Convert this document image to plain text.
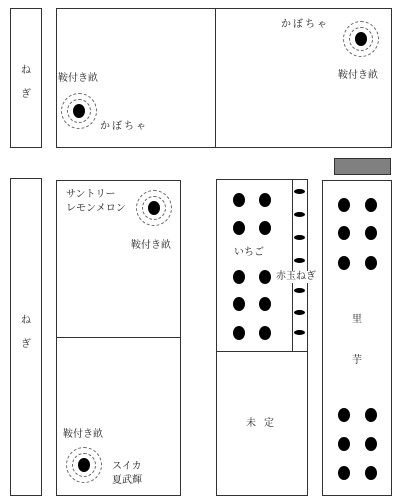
ね
ぎ
鞍付き畝
かぼちゃ
かぼちゃ
鞍付き畝
ね
ぎ
サントリー
レモンメロン
鞍付き畝
鞍付き畝
スイカ
夏武輝
いちご
赤玉ねぎ
未定
里
芋
